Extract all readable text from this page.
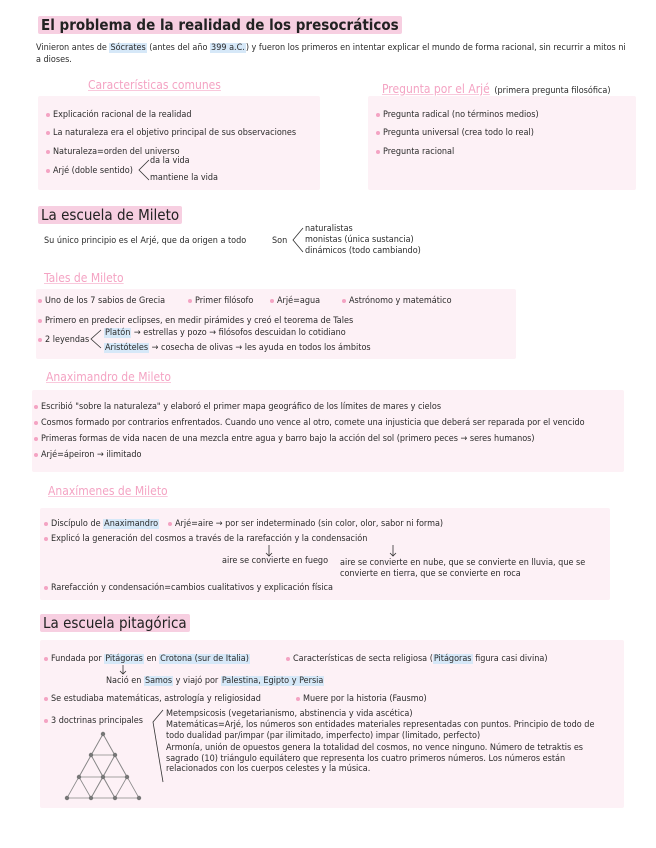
El problema de la realidad de los presocráticos
Vinieron antes de Sócrates (antes del año 399 a.C.) y fueron los primeros en intentar explicar el mundo de forma racional, sin recurrir a mitos ni a dioses.
Características comunes
Explicación racional de la realidad
La naturaleza era el objetivo principal de sus observaciones
Naturaleza=orden del universo
Arjé (doble sentido)
da la vida
mantiene la vida
Pregunta por el Arjé (primera pregunta filosófica)
Pregunta radical (no términos medios)
Pregunta universal (crea todo lo real)
Pregunta racional
La escuela de Mileto
Su único principio es el Arjé, que da origen a todo	Son
naturalistas
monistas (única sustancia)
dinámicos (todo cambiando)
Tales de Mileto
Uno de los 7 sabios de Grecia	Primer filósofo	Arjé=agua	Astrónomo y matemático
Primero en predecir eclipses, en medir pirámides y creó el teorema de Tales
2 leyendas
Platón → estrellas y pozo → filósofos descuidan lo cotidiano
Aristóteles → cosecha de olivas → les ayuda en todos los ámbitos
Anaximandro de Mileto
Escribió "sobre la naturaleza" y elaboró el primer mapa geográfico de los límites de mares y cielos
Cosmos formado por contrarios enfrentados. Cuando uno vence al otro, comete una injusticia que deberá ser reparada por el vencido
Primeras formas de vida nacen de una mezcla entre agua y barro bajo la acción del sol (primero peces → seres humanos)
Arjé=ápeiron → ilimitado
Anaxímenes de Mileto
Discípulo de Anaximandro	Arjé=aire → por ser indeterminado (sin color, olor, sabor ni forma)
Explicó la generación del cosmos a través de la rarefacción y la condensación
aire se convierte en fuego aire se convierte en nube, que se convierte en lluvia, que se convierte en tierra, que se convierte en roca
Rarefacción y condensación=cambios cualitativos y explicación física
La escuela pitagórica
Fundada por Pitágoras en Crotona (sur de Italia)	Características de secta religiosa (Pitágoras figura casi divina)
Nació en Samos y viajó por Palestina, Egipto y Persia
Se estudiaba matemáticas, astrología y religiosidad	Muere por la historia (Fausmo)
3 doctrinas principales
Metempsicosis (vegetarianismo, abstinencia y vida ascética)
Matemáticas=Arjé, los números son entidades materiales representadas con puntos. Principio de todo de todo dualidad par/impar (par ilimitado, imperfecto) impar (limitado, perfecto)
Armonía, unión de opuestos genera la totalidad del cosmos, no vence ninguno. Número de tetraktis es sagrado (10) triángulo equilátero que representa los cuatro primeros números. Los números están relacionados con los cuerpos celestes y la música.
